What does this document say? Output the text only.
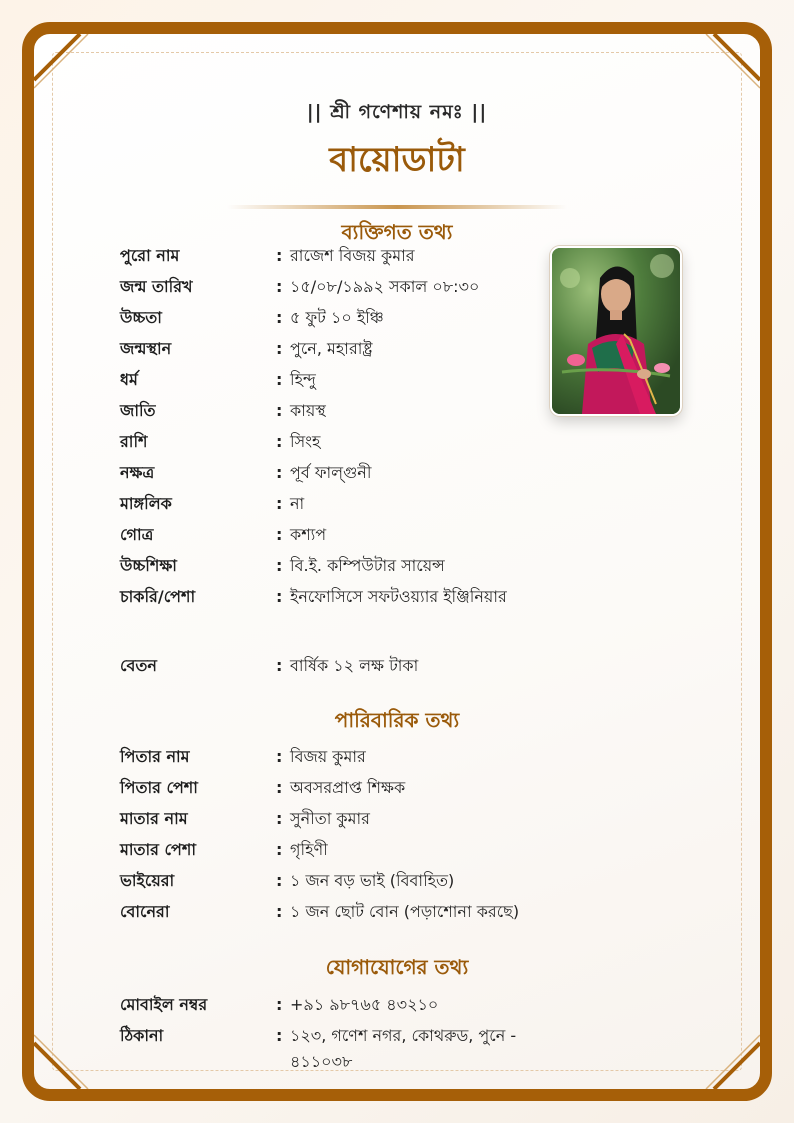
|| শ্রী গণেশায় নমঃ ||
বায়োডাটা
ব্যক্তিগত তথ্য
পুরো নাম	: রাজেশ বিজয় কুমার
জন্ম তারিখ	: ১৫/০৮/১৯৯২ সকাল ০৮:৩০
উচ্চতা	: ৫ ফুট ১০ ইঞ্চি
জন্মস্থান	: পুনে, মহারাষ্ট্র
ধর্ম	: হিন্দু
জাতি	: কায়স্থ
রাশি	: সিংহ
নক্ষত্র	: পূর্ব ফাল্গুনী
মাঙ্গলিক	: না
গোত্র	: কশ্যপ
উচ্চশিক্ষা	: বি.ই. কম্পিউটার সায়েন্স
চাকরি/পেশা	: ইনফোসিসে সফটওয়্যার ইঞ্জিনিয়ার
বেতন	: বার্ষিক ১২ লক্ষ টাকা
পারিবারিক তথ্য
পিতার নাম	: বিজয় কুমার
পিতার পেশা	: অবসরপ্রাপ্ত শিক্ষক
মাতার নাম	: সুনীতা কুমার
মাতার পেশা	: গৃহিণী
ভাইয়েরা	: ১ জন বড় ভাই (বিবাহিত)
বোনেরা	: ১ জন ছোট বোন (পড়াশোনা করছে)
যোগাযোগের তথ্য
মোবাইল নম্বর	: +৯১ ৯৮৭৬৫ ৪৩২১০
ঠিকানা	: ১২৩, গণেশ নগর, কোথরুড, পুনে - ৪১১০৩৮
